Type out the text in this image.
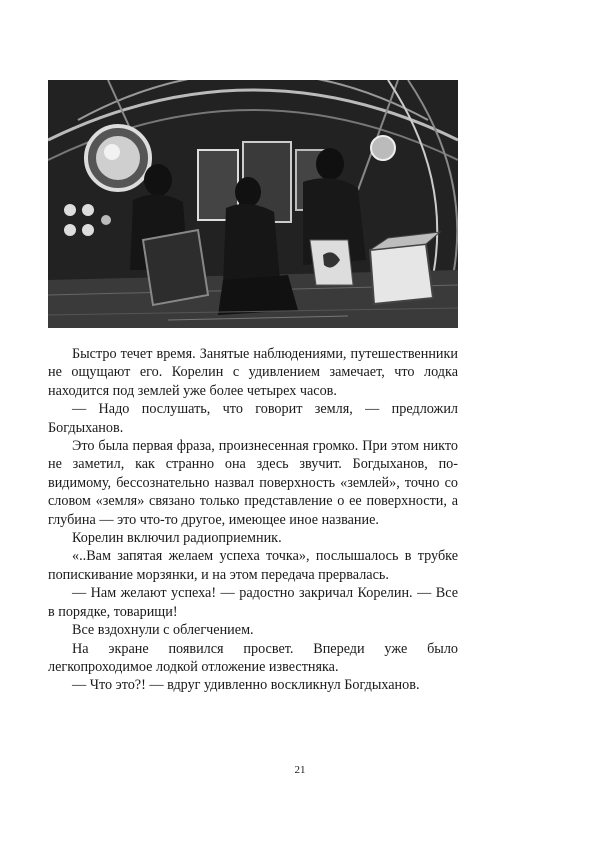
Быстро течет время. Занятые наблюдениями, путешественники не ощущают его. Корелин с удивлением замечает, что лодка находится под землей уже более четырех часов.

— Надо послушать, что говорит земля, — предложил Богдыханов.

Это была первая фраза, произнесенная громко. При этом никто не заметил, как странно она здесь звучит. Богдыханов, по-видимому, бессознательно назвал поверхность «землей», точно со словом «земля» связано только представление о ее поверхности, а глубина — это что-то другое, имеющее иное название.

Корелин включил радиоприемник.

«..Вам запятая желаем успеха точка», послышалось в трубке попискивание морзянки, и на этом передача прервалась.

— Нам желают успеха! — радостно закричал Корелин. — Все в порядке, товарищи!

Все вздохнули с облегчением.

На экране появился просвет. Впереди уже было легкопроходимое лодкой отложение известняка.

— Что это?! — вдруг удивленно воскликнул Богдыханов.

21
